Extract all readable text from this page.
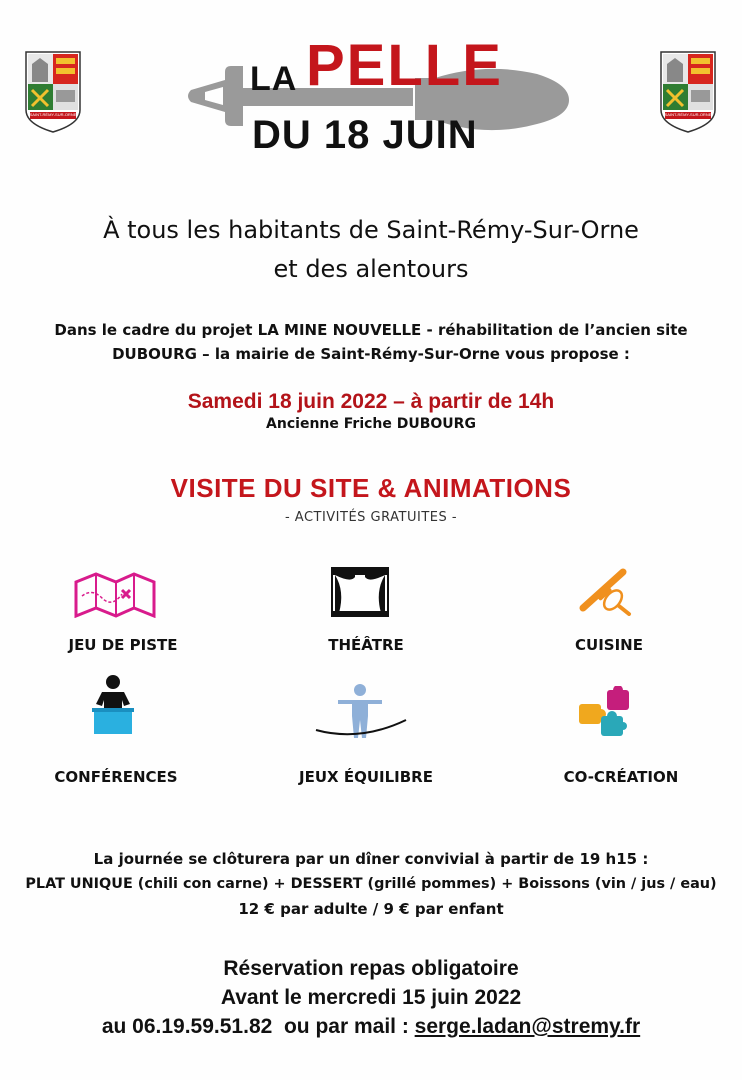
SAINT-RÉMY-SUR-ORNE	SAINT-RÉMY-SUR-ORNE
LA PELLE
DU 18 JUIN
À tous les habitants de Saint-Rémy-Sur-Orne
et des alentours
Dans le cadre du projet LA MINE NOUVELLE - réhabilitation de l’ancien site
DUBOURG – la mairie de Saint-Rémy-Sur-Orne vous propose :
Samedi 18 juin 2022 – à partir de 14h
Ancienne Friche DUBOURG
VISITE DU SITE & ANIMATIONS
- ACTIVITÉS GRATUITES -
JEU DE PISTE	THÉÂTRE	CUISINE
CONFÉRENCES	JEUX ÉQUILIBRE	CO-CRÉATION
La journée se clôturera par un dîner convivial à partir de 19 h15 :
PLAT UNIQUE (chili con carne) + DESSERT (grillé pommes) + Boissons (vin / jus / eau)
12 € par adulte / 9 € par enfant
Réservation repas obligatoire
Avant le mercredi 15 juin 2022
au 06.19.59.51.82  ou par mail : serge.ladan@stremy.fr
